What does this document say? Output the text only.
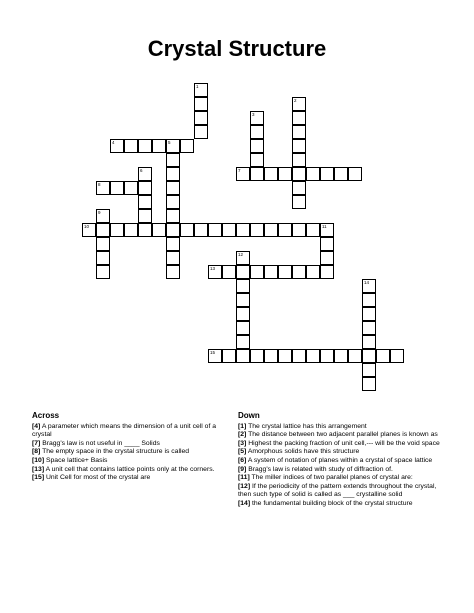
Crystal Structure
1
2
3
4	5
6	7
8
9
10	11
12
13
14
15
Across
[4] A parameter which means the dimension of a unit cell of a crystal
[7] Bragg's law is not useful in ____ Solids
[8] The empty space in the crystal structure is called
[10] Space lattice+ Basis
[13] A unit cell that contains lattice points only at the corners.
[15] Unit Cell for most of the crystal are
Down
[1] The crystal lattice has this arrangement
[2] The distance between two adjacent parallel planes is known as
[3] Highest the packing fraction of unit cell,--- will be the void space
[5] Amorphous solids have this structure
[6] A system of notation of planes within a crystal of space lattice
[9] Bragg's law is related with study of diffraction of.
[11] The miller indices of two parallel planes of crystal are:
[12] If the periodicity of the pattern extends throughout the crystal, then such type of solid is called as ___ crystalline solid
[14] the fundamental building block of the crystal structure
